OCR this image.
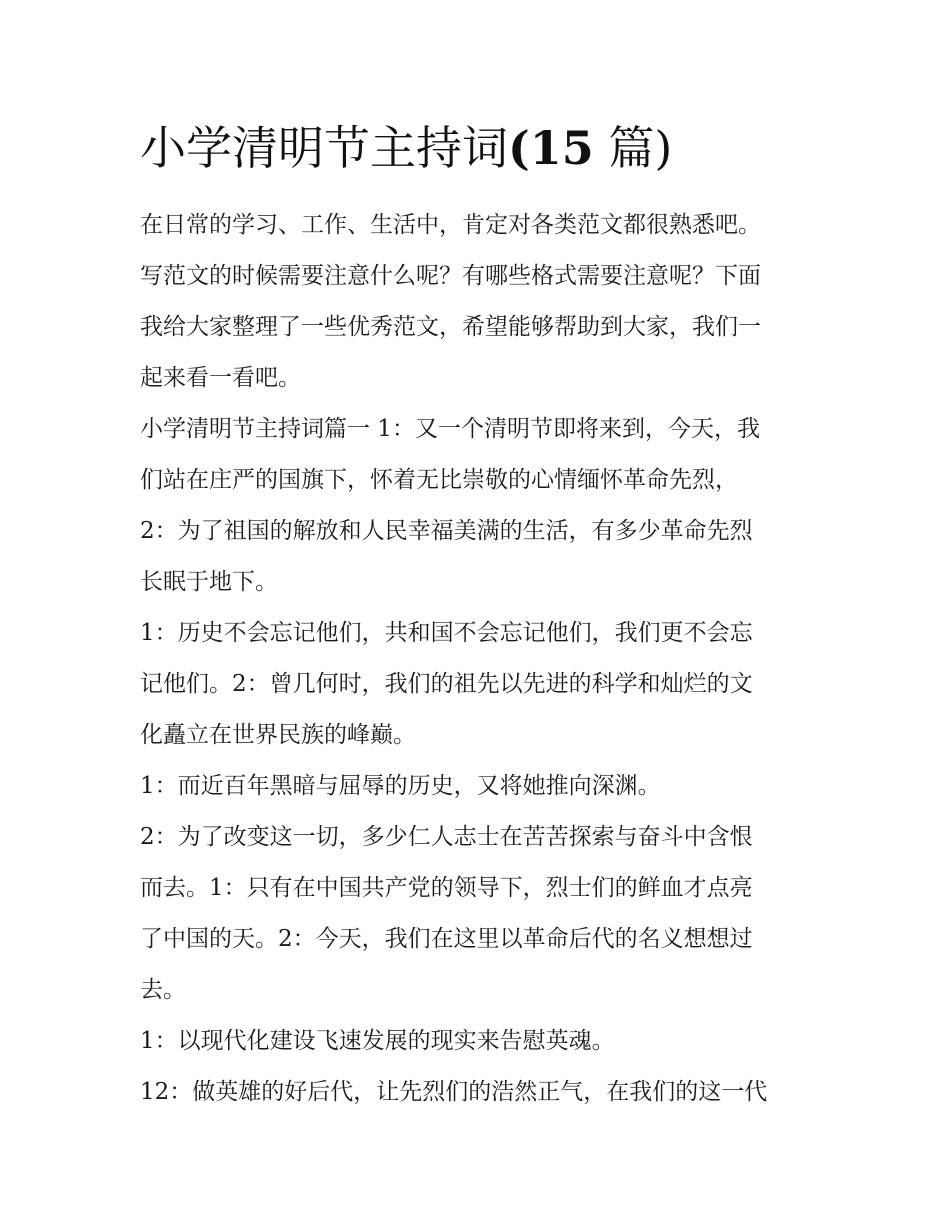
小学清明节主持词(15 篇)
在日常的学习、工作、生活中，肯定对各类范文都很熟悉吧。
写范文的时候需要注意什么呢？有哪些格式需要注意呢？下面
我给大家整理了一些优秀范文，希望能够帮助到大家，我们一
起来看一看吧。
小学清明节主持词篇一 1：又一个清明节即将来到，今天，我
们站在庄严的国旗下，怀着无比崇敬的心情缅怀革命先烈，
2：为了祖国的解放和人民幸福美满的生活，有多少革命先烈
长眠于地下。
1：历史不会忘记他们，共和国不会忘记他们，我们更不会忘
记他们。2：曾几何时，我们的祖先以先进的科学和灿烂的文
化矗立在世界民族的峰巅。
1：而近百年黑暗与屈辱的历史，又将她推向深渊。
2：为了改变这一切，多少仁人志士在苦苦探索与奋斗中含恨
而去。1：只有在中国共产党的领导下，烈士们的鲜血才点亮
了中国的天。2：今天，我们在这里以革命后代的名义想想过
去。
1：以现代化建设飞速发展的现实来告慰英魂。
12：做英雄的好后代，让先烈们的浩然正气，在我们的这一代
